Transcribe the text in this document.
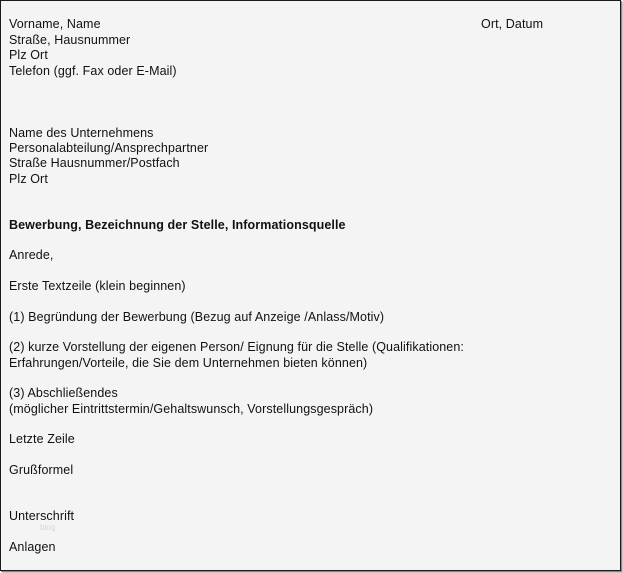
Vorname, Name
Straße, Hausnummer
Plz Ort
Telefon (ggf. Fax oder E-Mail)
Ort, Datum
Name des Unternehmens
Personalabteilung/Ansprechpartner
Straße Hausnummer/Postfach
Plz Ort
Bewerbung, Bezeichnung der Stelle, Informationsquelle
Anrede,
Erste Textzeile (klein beginnen)
(1) Begründung der Bewerbung (Bezug auf Anzeige /Anlass/Motiv)
(2) kurze Vorstellung der eigenen Person/ Eignung für die Stelle (Qualifikationen:
Erfahrungen/Vorteile, die Sie dem Unternehmen bieten können)
(3) Abschließendes
(möglicher Eintrittstermin/Gehaltswunsch, Vorstellungsgespräch)
Letzte Zeile
Grußformel
Unterschrift
blog
Anlagen
